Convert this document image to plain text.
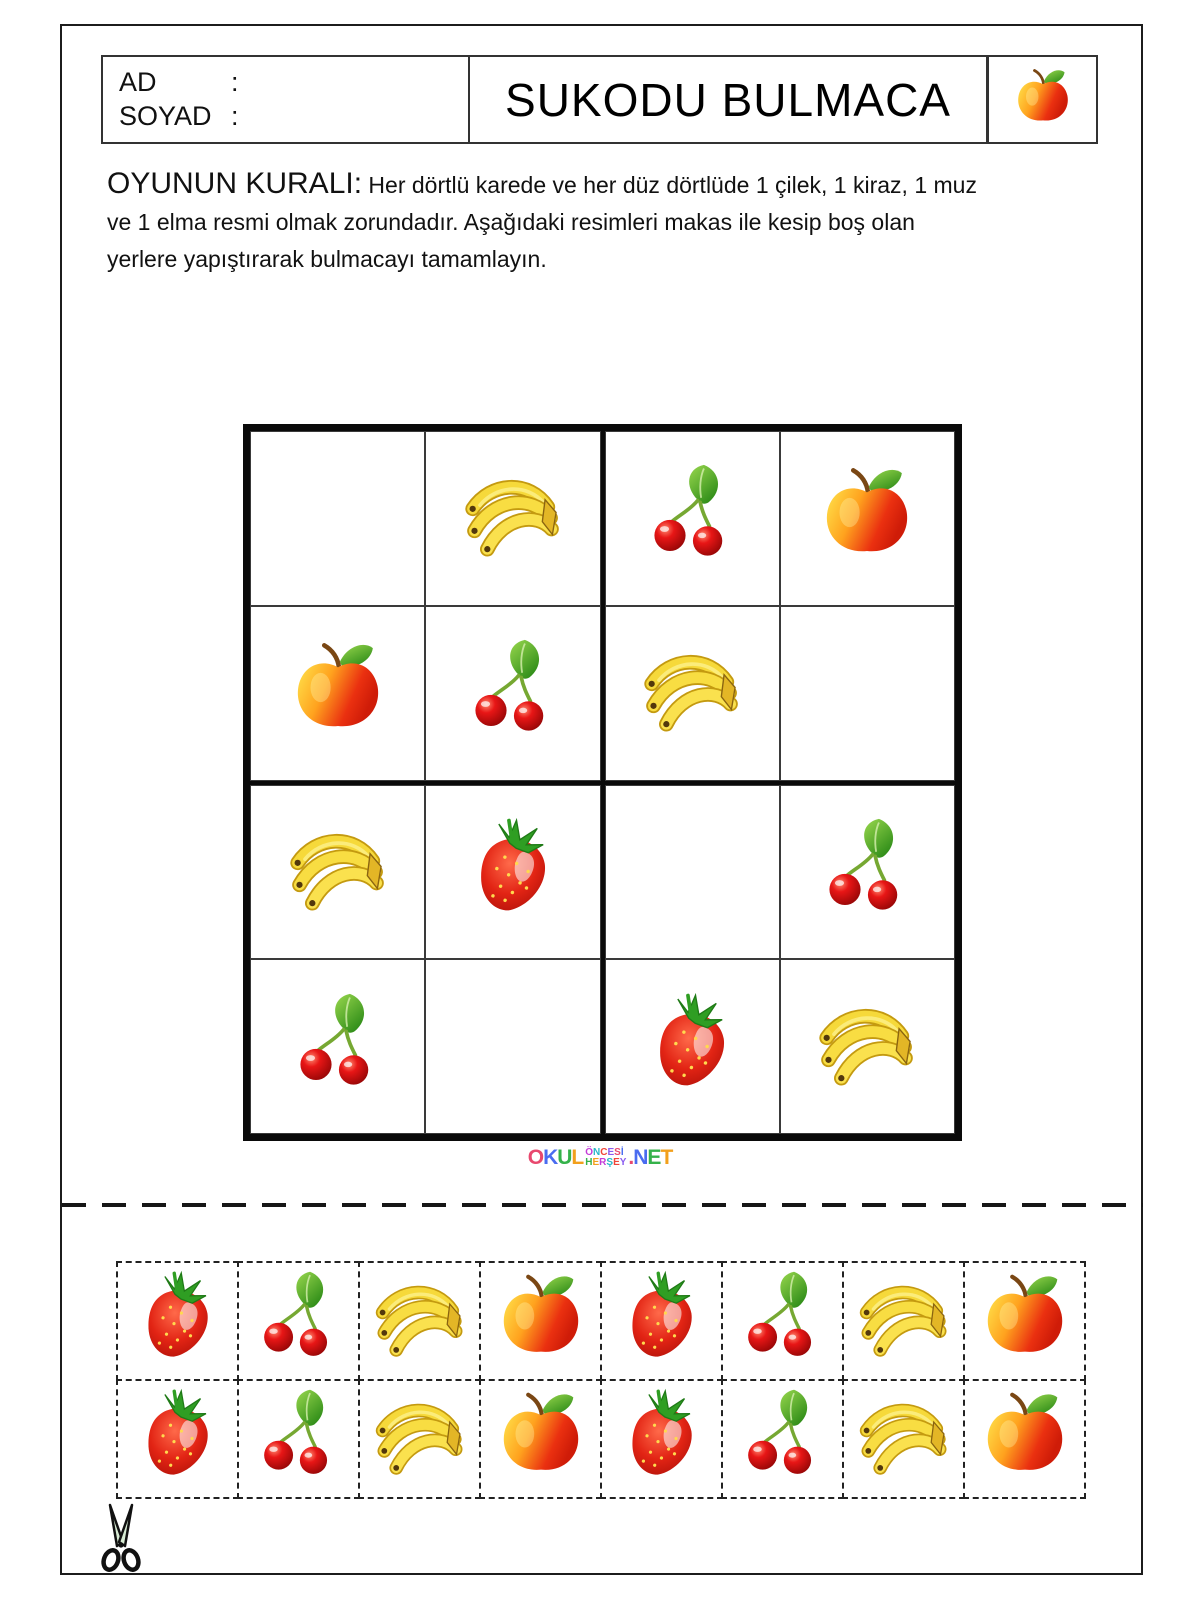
AD	:

SOYAD :
	SUKODU BULMACA
OYUNUN KURALI: Her dörtlü karede ve her düz dörtlüde 1 çilek, 1 kiraz, 1 muz
ve 1 elma resmi olmak zorundadır. Aşağıdaki resimleri makas ile kesip boş olan
yerlere yapıştırarak bulmacayı tamamlayın.
O K U L Ö N C E S İ
H E R Ş E Y . N E T
